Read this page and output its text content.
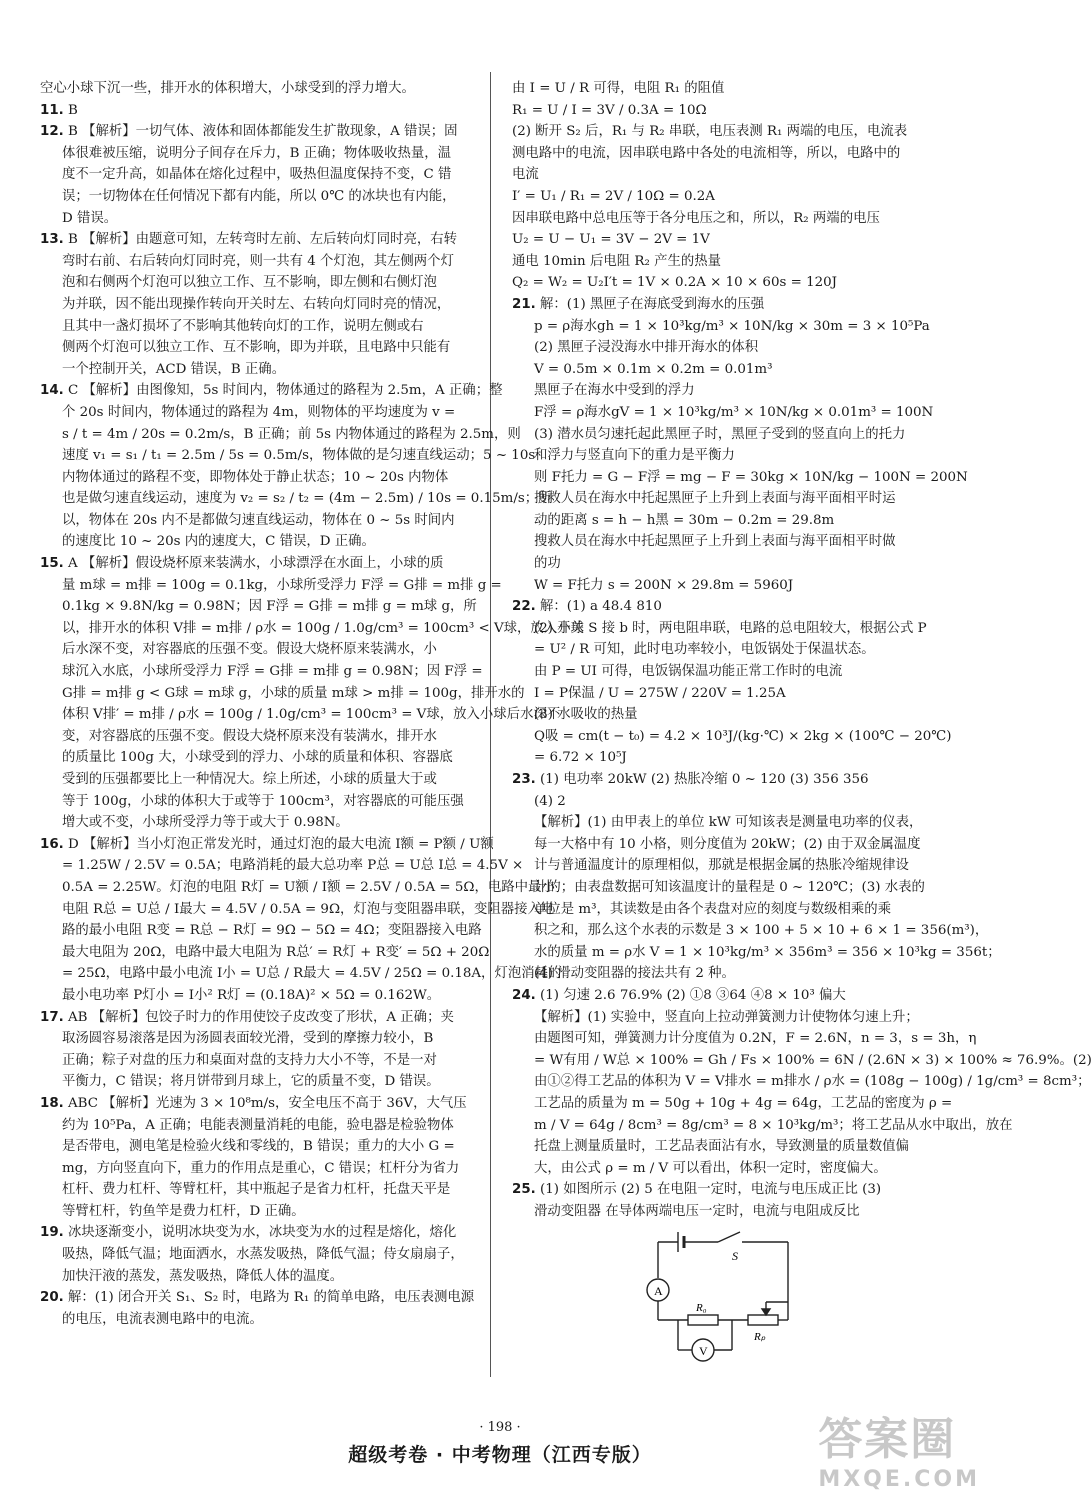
空心小球下沉一些，排开水的体积增大，小球受到的浮力增大。

11. B

12. B 【解析】一切气体、液体和固体都能发生扩散现象，A 错误；固

体很难被压缩，说明分子间存在斥力，B 正确；物体吸收热量，温

度不一定升高，如晶体在熔化过程中，吸热但温度保持不变，C 错

误；一切物体在任何情况下都有内能，所以 0℃ 的冰块也有内能，

D 错误。

13. B 【解析】由题意可知，左转弯时左前、左后转向灯同时亮，右转

弯时右前、右后转向灯同时亮，则一共有 4 个灯泡，其左侧两个灯

泡和右侧两个灯泡可以独立工作、互不影响，即左侧和右侧灯泡

为并联，因不能出现操作转向开关时左、右转向灯同时亮的情况，

且其中一盏灯损坏了不影响其他转向灯的工作，说明左侧或右

侧两个灯泡可以独立工作、互不影响，即为并联，且电路中只能有

一个控制开关，ACD 错误，B 正确。

14. C 【解析】由图像知，5s 时间内，物体通过的路程为 2.5m，A 正确；整

个 20s 时间内，物体通过的路程为 4m，则物体的平均速度为 v =

s / t = 4m / 20s = 0.2m/s，B 正确；前 5s 内物体通过的路程为 2.5m，则

速度 v₁ = s₁ / t₁ = 2.5m / 5s = 0.5m/s，物体做的是匀速直线运动；5 ~ 10s

内物体通过的路程不变，即物体处于静止状态；10 ~ 20s 内物体

也是做匀速直线运动，速度为 v₂ = s₂ / t₂ = (4m − 2.5m) / 10s = 0.15m/s；所

以，物体在 20s 内不是都做匀速直线运动，物体在 0 ~ 5s 时间内

的速度比 10 ~ 20s 内的速度大，C 错误，D 正确。

15. A 【解析】假设烧杯原来装满水，小球漂浮在水面上，小球的质

量 m球 = m排 = 100g = 0.1kg，小球所受浮力 F浮 = G排 = m排 g =

0.1kg × 9.8N/kg = 0.98N；因 F浮 = G排 = m排 g = m球 g，所

以，排开水的体积 V排 = m排 / ρ水 = 100g / 1.0g/cm³ = 100cm³ < V球，放入小球

后水深不变，对容器底的压强不变。假设大烧杯原来装满水，小

球沉入水底，小球所受浮力 F浮 = G排 = m排 g = 0.98N；因 F浮 =

G排 = m排 g < G球 = m球 g，小球的质量 m球 > m排 = 100g，排开水的

体积 V排′ = m排 / ρ水 = 100g / 1.0g/cm³ = 100cm³ = V球，放入小球后水深不

变，对容器底的压强不变。假设大烧杯原来没有装满水，排开水

的质量比 100g 大，小球受到的浮力、小球的质量和体积、容器底

受到的压强都要比上一种情况大。综上所述，小球的质量大于或

等于 100g，小球的体积大于或等于 100cm³，对容器底的可能压强

增大或不变，小球所受浮力等于或大于 0.98N。

16. D 【解析】当小灯泡正常发光时，通过灯泡的最大电流 I额 = P额 / U额

= 1.25W / 2.5V = 0.5A；电路消耗的最大总功率 P总 = U总 I总 = 4.5V ×

0.5A = 2.25W。灯泡的电阻 R灯 = U额 / I额 = 2.5V / 0.5A = 5Ω，电路中最小

电阻 R总 = U总 / I最大 = 4.5V / 0.5A = 9Ω，灯泡与变阻器串联，变阻器接入电

路的最小电阻 R变 = R总 − R灯 = 9Ω − 5Ω = 4Ω；变阻器接入电路

最大电阻为 20Ω，电路中最大电阻为 R总′ = R灯 + R变′ = 5Ω + 20Ω

= 25Ω，电路中最小电流 I小 = U总 / R最大 = 4.5V / 25Ω = 0.18A，灯泡消耗的

最小电功率 P灯小 = I小² R灯 = (0.18A)² × 5Ω = 0.162W。

17. AB 【解析】包饺子时力的作用使饺子皮改变了形状，A 正确；夹

取汤圆容易滚落是因为汤圆表面较光滑，受到的摩擦力较小，B

正确；粽子对盘的压力和桌面对盘的支持力大小不等，不是一对

平衡力，C 错误；将月饼带到月球上，它的质量不变，D 错误。

18. ABC 【解析】光速为 3 × 10⁸m/s，安全电压不高于 36V，大气压

约为 10⁵Pa，A 正确；电能表测量消耗的电能，验电器是检验物体

是否带电，测电笔是检验火线和零线的，B 错误；重力的大小 G =

mg，方向竖直向下，重力的作用点是重心，C 错误；杠杆分为省力

杠杆、费力杠杆、等臂杠杆，其中瓶起子是省力杠杆，托盘天平是

等臂杠杆，钓鱼竿是费力杠杆，D 正确。

19. 冰块逐渐变小，说明冰块变为水，冰块变为水的过程是熔化，熔化

吸热，降低气温；地面洒水，水蒸发吸热，降低气温；侍女扇扇子，

加快汗液的蒸发，蒸发吸热，降低人体的温度。

20. 解：(1) 闭合开关 S₁、S₂ 时，电路为 R₁ 的简单电路，电压表测电源

的电压，电流表测电路中的电流。

由 I = U / R 可得，电阻 R₁ 的阻值

R₁ = U / I = 3V / 0.3A = 10Ω

(2) 断开 S₂ 后，R₁ 与 R₂ 串联，电压表测 R₁ 两端的电压，电流表

测电路中的电流，因串联电路中各处的电流相等，所以，电路中的

电流

I′ = U₁ / R₁ = 2V / 10Ω = 0.2A

因串联电路中总电压等于各分电压之和，所以，R₂ 两端的电压

U₂ = U − U₁ = 3V − 2V = 1V

通电 10min 后电阻 R₂ 产生的热量

Q₂ = W₂ = U₂I′t = 1V × 0.2A × 10 × 60s = 120J

21. 解：(1) 黑匣子在海底受到海水的压强

p = ρ海水gh = 1 × 10³kg/m³ × 10N/kg × 30m = 3 × 10⁵Pa

(2) 黑匣子浸没海水中排开海水的体积

V = 0.5m × 0.1m × 0.2m = 0.01m³

黑匣子在海水中受到的浮力

F浮 = ρ海水gV = 1 × 10³kg/m³ × 10N/kg × 0.01m³ = 100N

(3) 潜水员匀速托起此黑匣子时，黑匣子受到的竖直向上的托力

和浮力与竖直向下的重力是平衡力

则 F托力 = G − F浮 = mg − F = 30kg × 10N/kg − 100N = 200N

搜救人员在海水中托起黑匣子上升到上表面与海平面相平时运

动的距离 s = h − h黑 = 30m − 0.2m = 29.8m

搜救人员在海水中托起黑匣子上升到上表面与海平面相平时做

的功

W = F托力 s = 200N × 29.8m = 5960J

22. 解：(1) a 48.4 810

(2) 开关 S 接 b 时，两电阻串联，电路的总电阻较大，根据公式 P

= U² / R 可知，此时电功率较小，电饭锅处于保温状态。

由 P = UI 可得，电饭锅保温功能正常工作时的电流

I = P保温 / U = 275W / 220V = 1.25A

(3) 水吸收的热量

Q吸 = cm(t − t₀) = 4.2 × 10³J/(kg·℃) × 2kg × (100℃ − 20℃)

= 6.72 × 10⁵J

23. (1) 电功率 20kW (2) 热胀冷缩 0 ~ 120 (3) 356 356

(4) 2

【解析】(1) 由甲表上的单位 kW 可知该表是测量电功率的仪表，

每一大格中有 10 小格，则分度值为 20kW；(2) 由于双金属温度

计与普通温度计的原理相似，那就是根据金属的热胀冷缩规律设

计的；由表盘数据可知该温度计的量程是 0 ~ 120℃；(3) 水表的

单位是 m³，其读数是由各个表盘对应的刻度与数级相乘的乘

积之和，那么这个水表的示数是 3 × 100 + 5 × 10 + 6 × 1 = 356(m³)，

水的质量 m = ρ水 V = 1 × 10³kg/m³ × 356m³ = 356 × 10³kg = 356t；

(4) 滑动变阻器的接法共有 2 种。

24. (1) 匀速 2.6 76.9% (2) ①8 ③64 ④8 × 10³ 偏大

【解析】(1) 实验中，竖直向上拉动弹簧测力计使物体匀速上升；

由题图可知，弹簧测力计分度值为 0.2N，F = 2.6N，n = 3，s = 3h，η

= W有用 / W总 × 100% = Gh / Fs × 100% = 6N / (2.6N × 3) × 100% ≈ 76.9%。(2)

由①②得工艺品的体积为 V = V排水 = m排水 / ρ水 = (108g − 100g) / 1g/cm³ = 8cm³；

工艺品的质量为 m = 50g + 10g + 4g = 64g，工艺品的密度为 ρ =

m / V = 64g / 8cm³ = 8g/cm³ = 8 × 10³kg/m³；将工艺品从水中取出，放在

托盘上测量质量时，工艺品表面沾有水，导致测量的质量数值偏

大，由公式 ρ = m / V 可以看出，体积一定时，密度偏大。

25. (1) 如图所示 (2) 5 在电阻一定时，电流与电压成正比 (3)

滑动变阻器 在导体两端电压一定时，电流与电阻成反比

S
A
V
R₀
Rₚ
· 198 ·
超级考卷 · 中考物理（江西专版）	答案圈
MXQE.COM
